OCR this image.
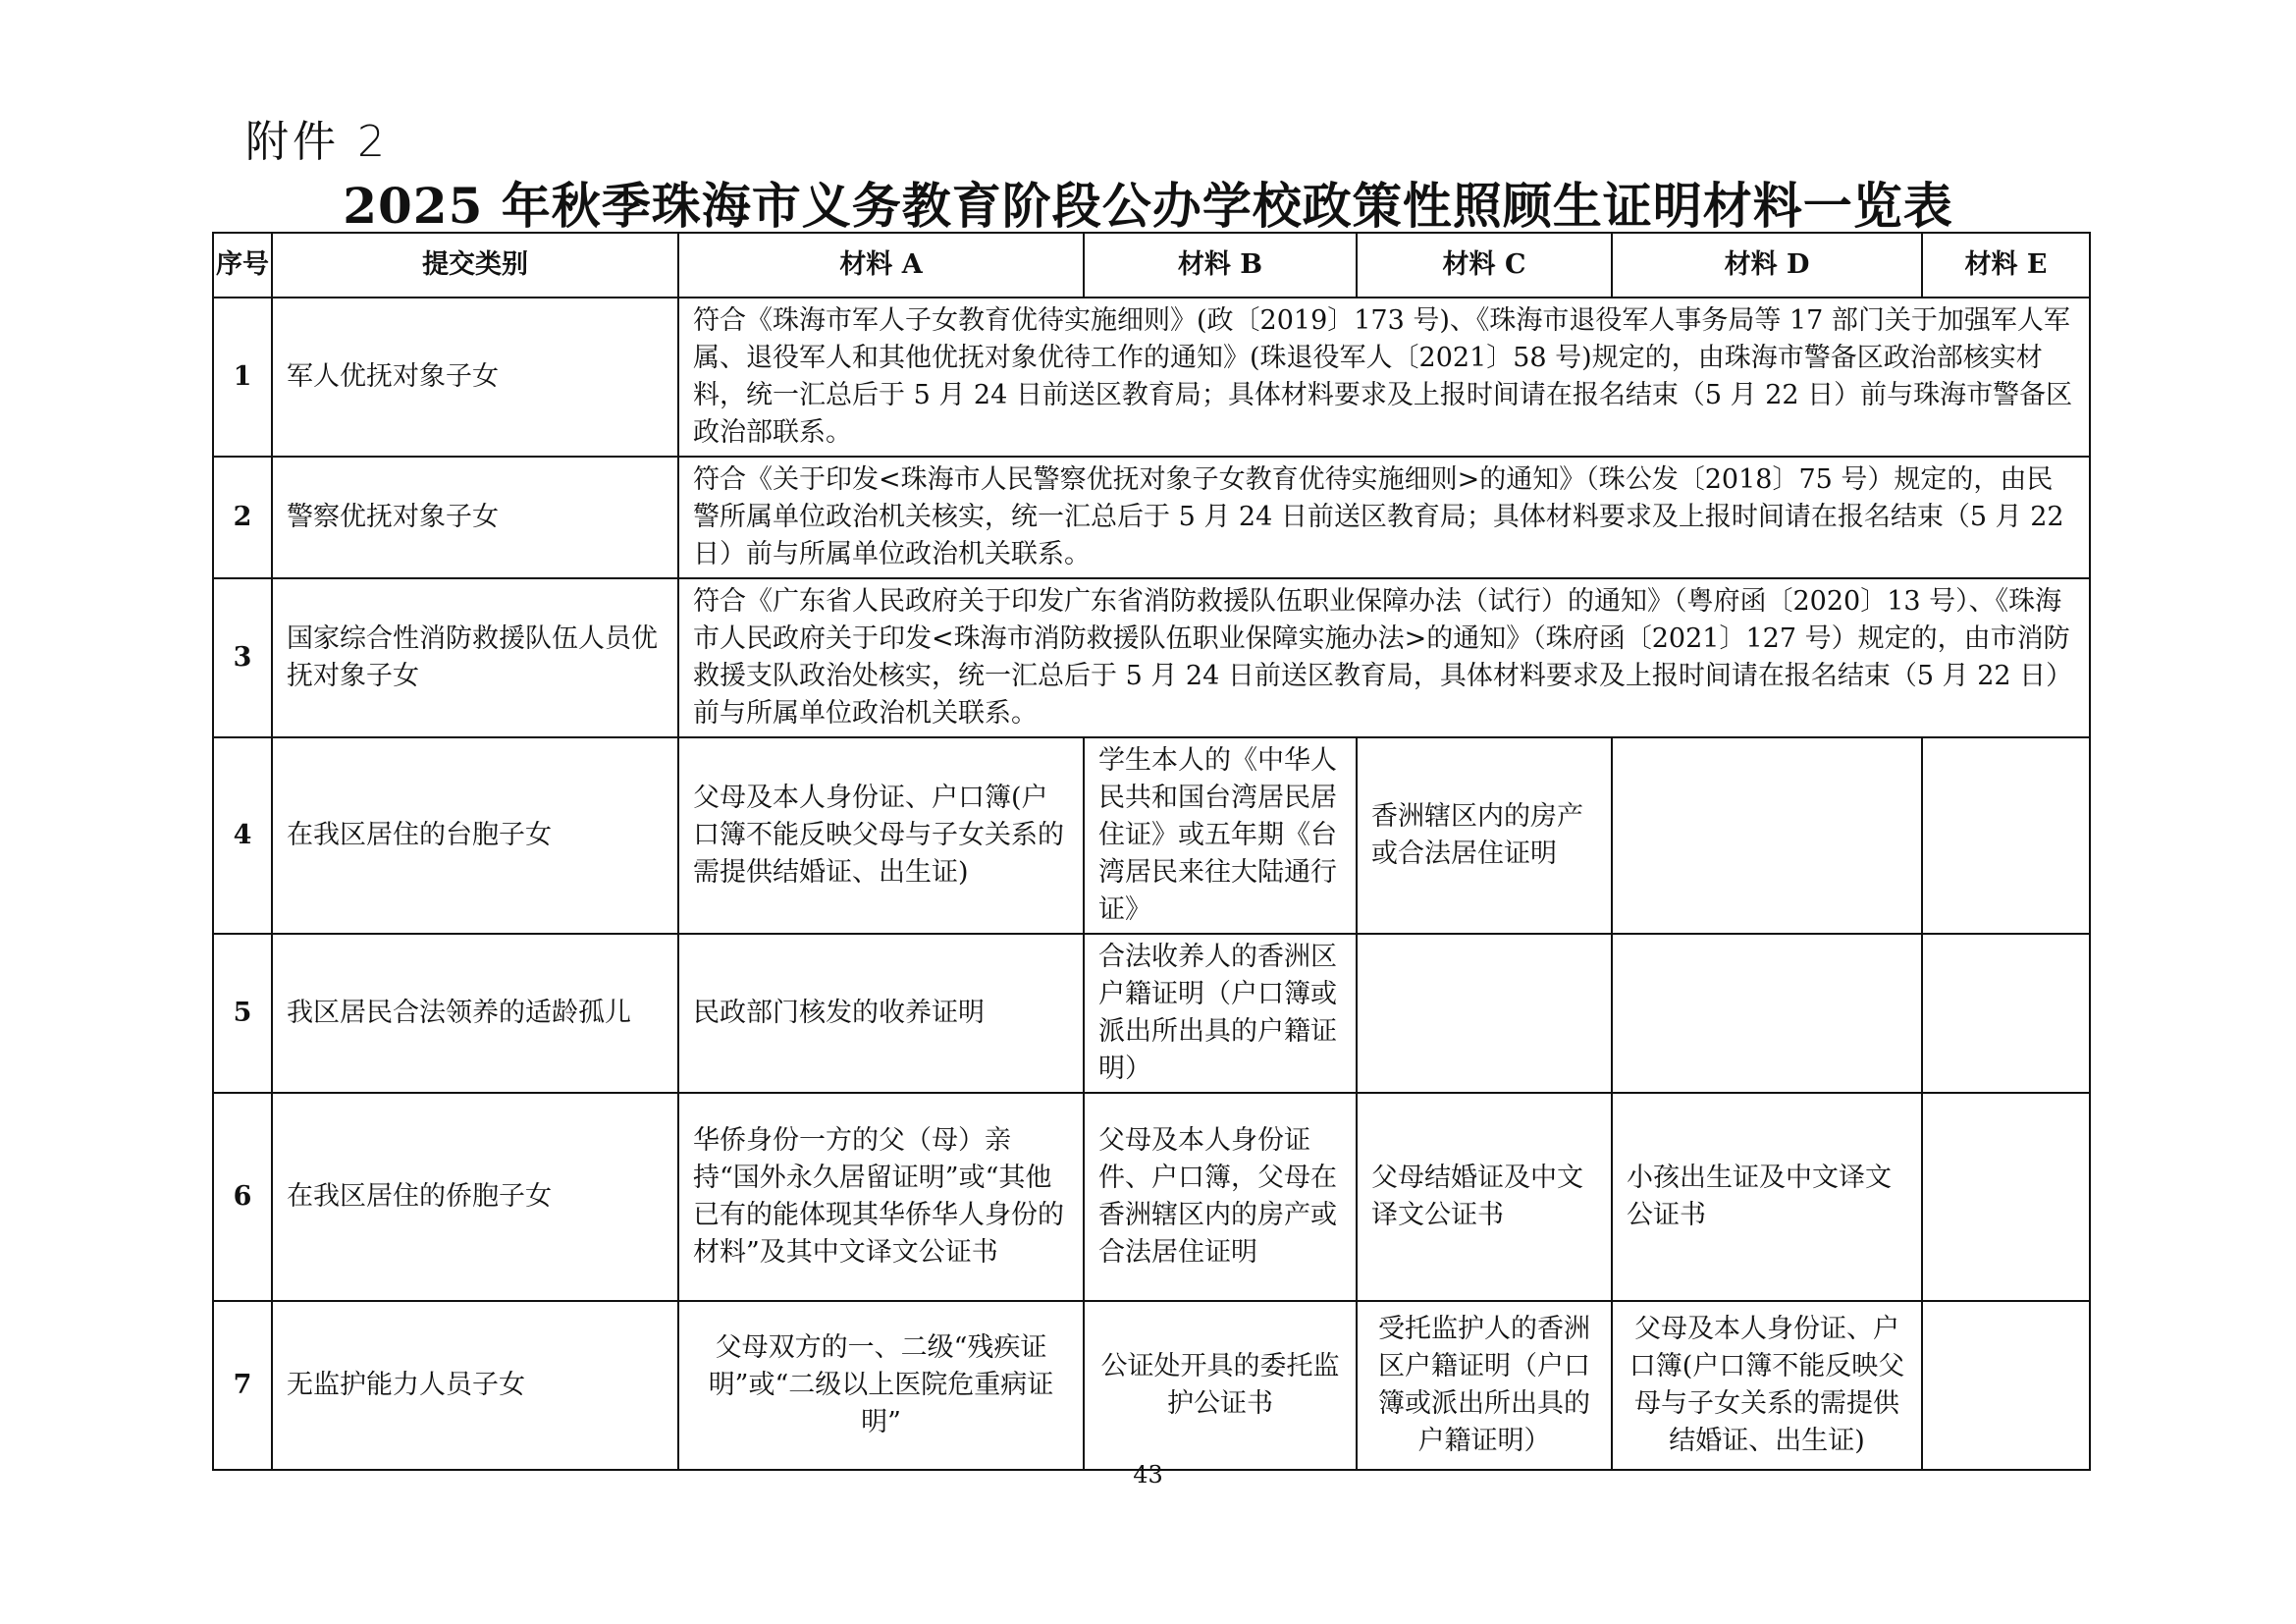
附件 2
2025 年秋季珠海市义务教育阶段公办学校政策性照顾生证明材料一览表
序号	提交类别	材料 A	材料 B	材料 C	材料 D	材料 E
1	军人优抚对象子女	符合《珠海市军人子女教育优待实施细则》(政〔2019〕173 号)、《珠海市退役军人事务局等 17 部门关于加强军人军属、退役军人和其他优抚对象优待工作的通知》(珠退役军人〔2021〕58 号)规定的，由珠海市警备区政治部核实材料，统一汇总后于 5 月 24 日前送区教育局；具体材料要求及上报时间请在报名结束（5 月 22 日）前与珠海市警备区政治部联系。				
2	警察优抚对象子女	符合《关于印发<珠海市人民警察优抚对象子女教育优待实施细则>的通知》（珠公发〔2018〕75 号）规定的，由民警所属单位政治机关核实，统一汇总后于 5 月 24 日前送区教育局；具体材料要求及上报时间请在报名结束（5 月 22 日）前与所属单位政治机关联系。				
3	国家综合性消防救援队伍人员优抚对象子女	符合《广东省人民政府关于印发广东省消防救援队伍职业保障办法（试行）的通知》（粤府函〔2020〕13 号）、《珠海市人民政府关于印发<珠海市消防救援队伍职业保障实施办法>的通知》（珠府函〔2021〕127 号）规定的，由市消防救援支队政治处核实，统一汇总后于 5 月 24 日前送区教育局，具体材料要求及上报时间请在报名结束（5 月 22 日）前与所属单位政治机关联系。				
4	在我区居住的台胞子女	父母及本人身份证、户口簿(户口簿不能反映父母与子女关系的需提供结婚证、出生证)	学生本人的《中华人民共和国台湾居民居住证》或五年期《台湾居民来往大陆通行证》	香洲辖区内的房产或合法居住证明		
5	我区居民合法领养的适龄孤儿	民政部门核发的收养证明	合法收养人的香洲区户籍证明（户口簿或派出所出具的户籍证明）			
6	在我区居住的侨胞子女	华侨身份一方的父（母）亲持“国外永久居留证明”或“其他已有的能体现其华侨华人身份的材料”及其中文译文公证书	父母及本人身份证件、户口簿，父母在香洲辖区内的房产或合法居住证明	父母结婚证及中文译文公证书	小孩出生证及中文译文公证书	
7	无监护能力人员子女	父母双方的一、二级“残疾证明”或“二级以上医院危重病证明”	公证处开具的委托监护公证书	受托监护人的香洲区户籍证明（户口簿或派出所出具的户籍证明）	父母及本人身份证、户口簿(户口簿不能反映父母与子女关系的需提供结婚证、出生证)	
43
